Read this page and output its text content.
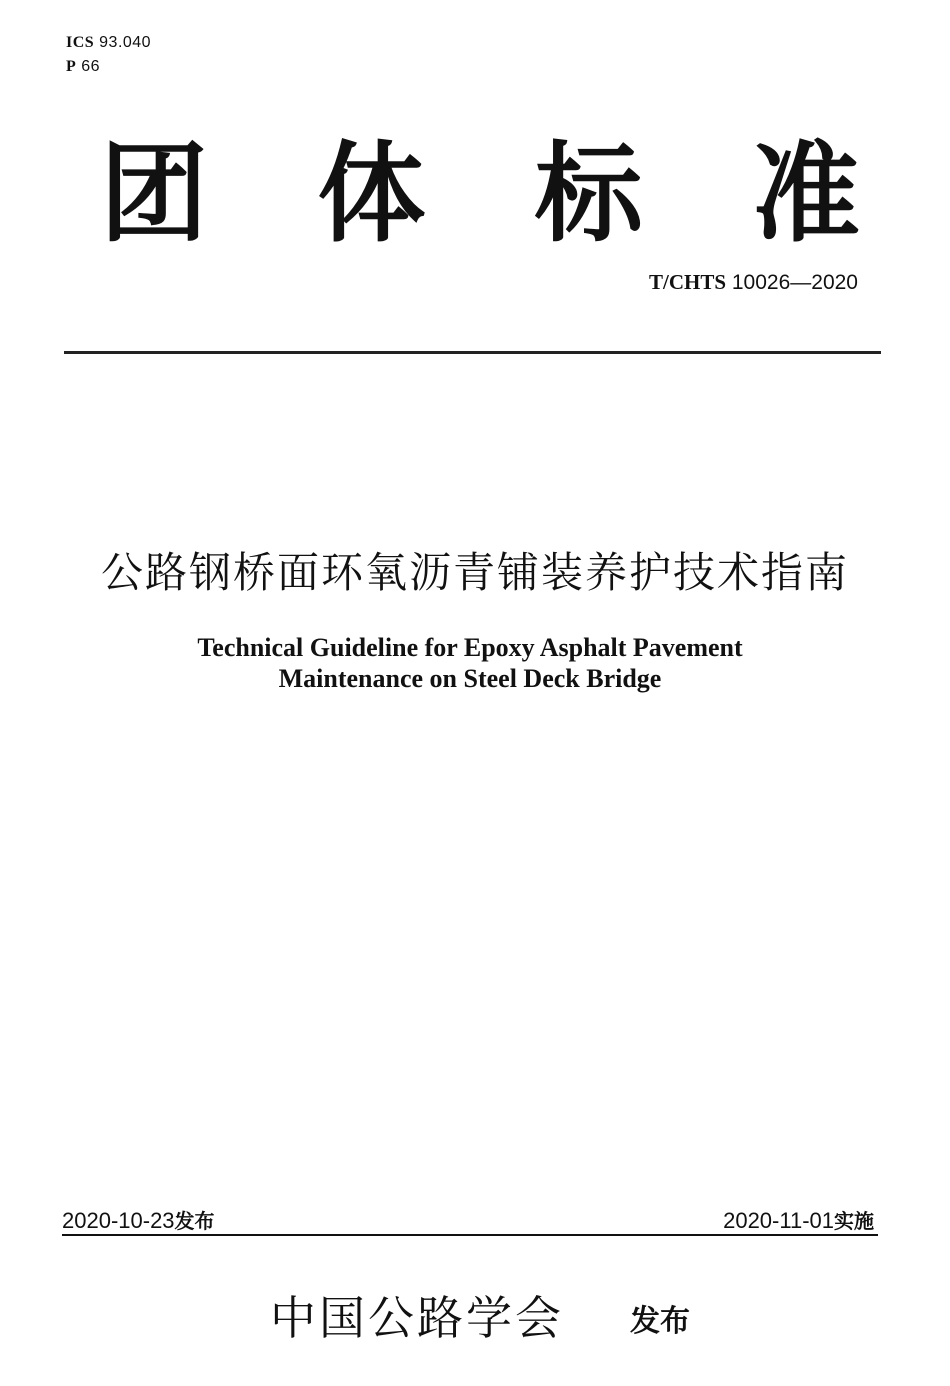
ICS 93.040
P 66
团 体 标 准
T/CHTS 10026—2020
公路钢桥面环氧沥青铺装养护技术指南
Technical Guideline for Epoxy Asphalt Pavement
Maintenance on Steel Deck Bridge
2020-10-23发布	2020-11-01实施
中国公路学会 发布
